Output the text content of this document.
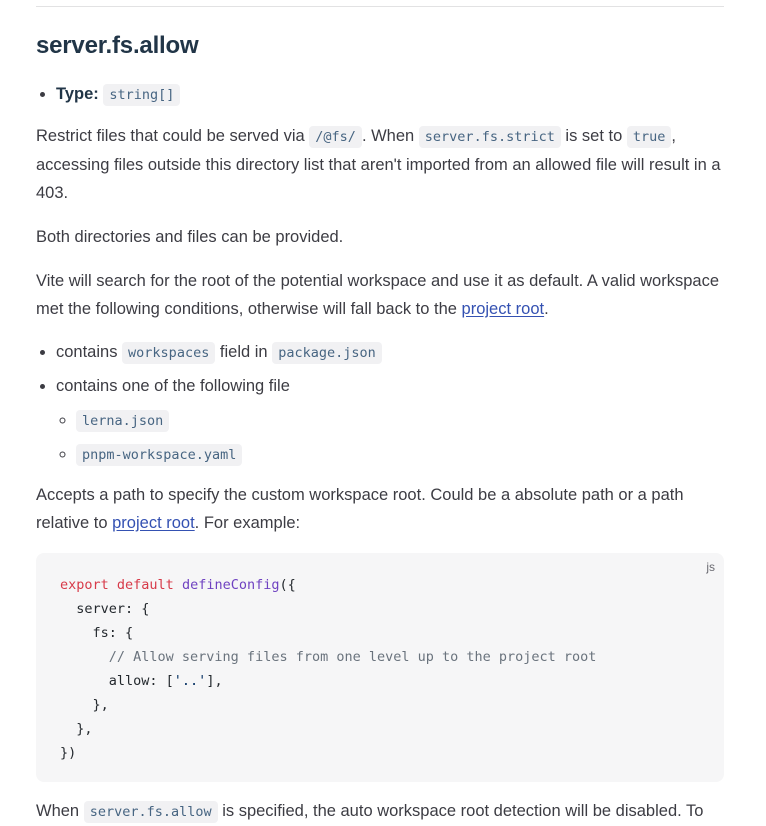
server.fs.allow
• Type: string[]

Restrict files that could be served via /@fs/ . When server.fs.strict is set to true , accessing files outside this directory list that aren't imported from an allowed file will result in a 403.

Both directories and files can be provided.

Vite will search for the root of the potential workspace and use it as default. A valid workspace met the following conditions, otherwise will fall back to the project root.

• contains workspaces field in package.json
• contains one of the following file
◦ lerna.json
◦ pnpm-workspace.yaml

Accepts a path to specify the custom workspace root. Could be a absolute path or a path relative to project root. For example:

js
export default defineConfig({
server: {
fs: {
// Allow serving files from one level up to the project root
allow: ['..'],
},
},
})

When server.fs.allow is specified, the auto workspace root detection will be disabled. To
